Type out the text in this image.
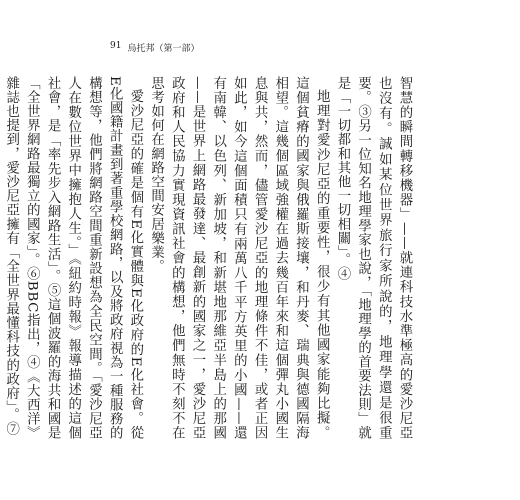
91 烏托邦（第一部）

智慧的瞬間轉移機器」——就連科技水準極高的愛沙尼亞也沒有。誠如某位世界旅行家所說的，地理學還是很重要。③另一位知名地理學家也說，「地理學的首要法則」就是「一切都和其他一切相關」。④

地理對愛沙尼亞的重要性，很少有其他國家能夠比擬。這個貧瘠的國家與俄羅斯接壤，和丹麥、瑞典與德國隔海相望。這幾個區域強權在過去幾百年來和這個彈丸小國生息與共，然而，儘管愛沙尼亞的地理條件不佳，或者正因如此，如今這個面積只有兩萬八千平方英里的小國——還有南韓、以色列、新加坡，和新堪地那維亞半島上的那國——是世界上網路最發達、最創新的國家之一，愛沙尼亞政府和人民協力實現資訊社會的構想，他們無時不刻不在思考如何在網路空間安居樂業。

愛沙尼亞的確是個有E化實體與E化政府的E化社會。從E化國籍計畫到著重學校網路，以及將政府視為一種服務的構想等，他們將網路空間重新設想為全民空間。「愛沙尼亞人在數位世界中擁抱人生。」《紐約時報》報導描述的這個社會，是「率先步入網路生活」。⑤這個波羅的海共和國是「全世界網路最獨立的國家」。⑥BBC指出，④《大西洋》雜誌也提到，愛沙尼亞擁有「全世界最懂科技的政府」。⑦
